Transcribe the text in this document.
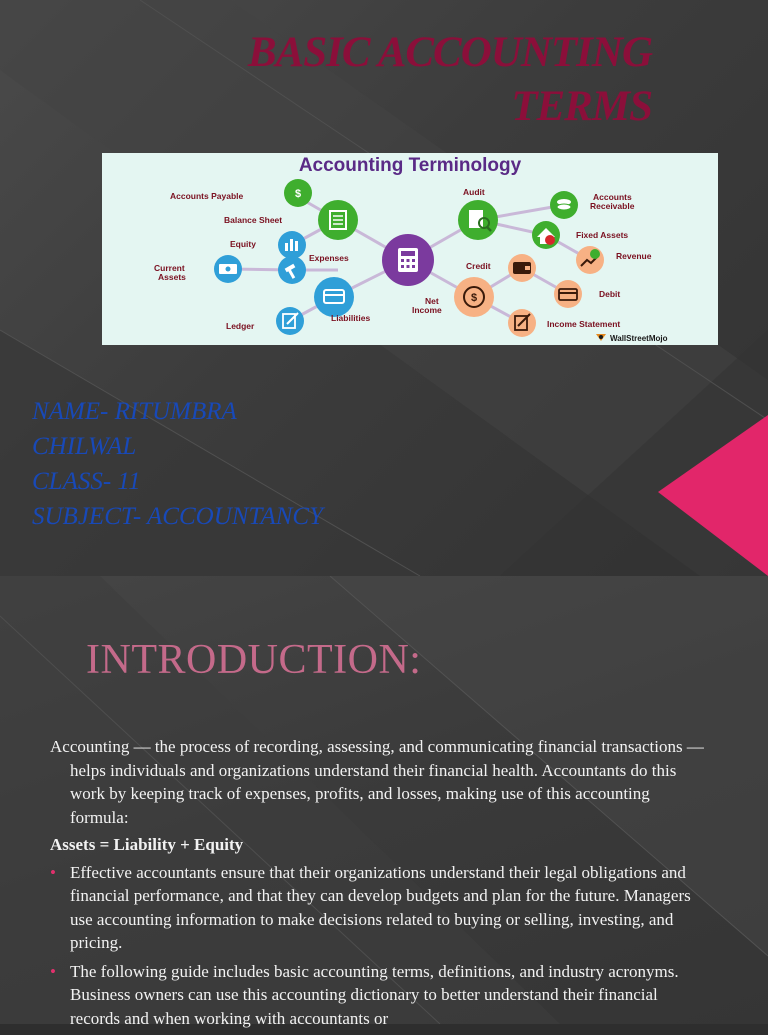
BASIC ACCOUNTING
TERMS
Accounting Terminology
$
$
Accounts Payable
Balance Sheet
Equity
Current
Assets
Expenses
Ledger
Liabilities
Audit	Accounts
Receivable
Fixed Assets
Credit
Revenue
Net
Income
Debit
Income Statement
WallStreetMojo
NAME- RITUMBRA
CHILWAL
CLASS- 11
SUBJECT- ACCOUNTANCY
INTRODUCTION:

Accounting — the process of recording, assessing, and communicating financial transactions — helps individuals and organizations understand their financial health. Accountants do this work by keeping track of expenses, profits, and losses, making use of this accounting formula:

Assets = Liability + Equity

• Effective accountants ensure that their organizations understand their legal obligations and financial performance, and that they can develop budgets and plan for the future. Managers use accounting information to make decisions related to buying or selling, investing, and pricing.
• The following guide includes basic accounting terms, definitions, and industry acronyms. Business owners can use this accounting dictionary to better understand their financial records and when working with accountants or
